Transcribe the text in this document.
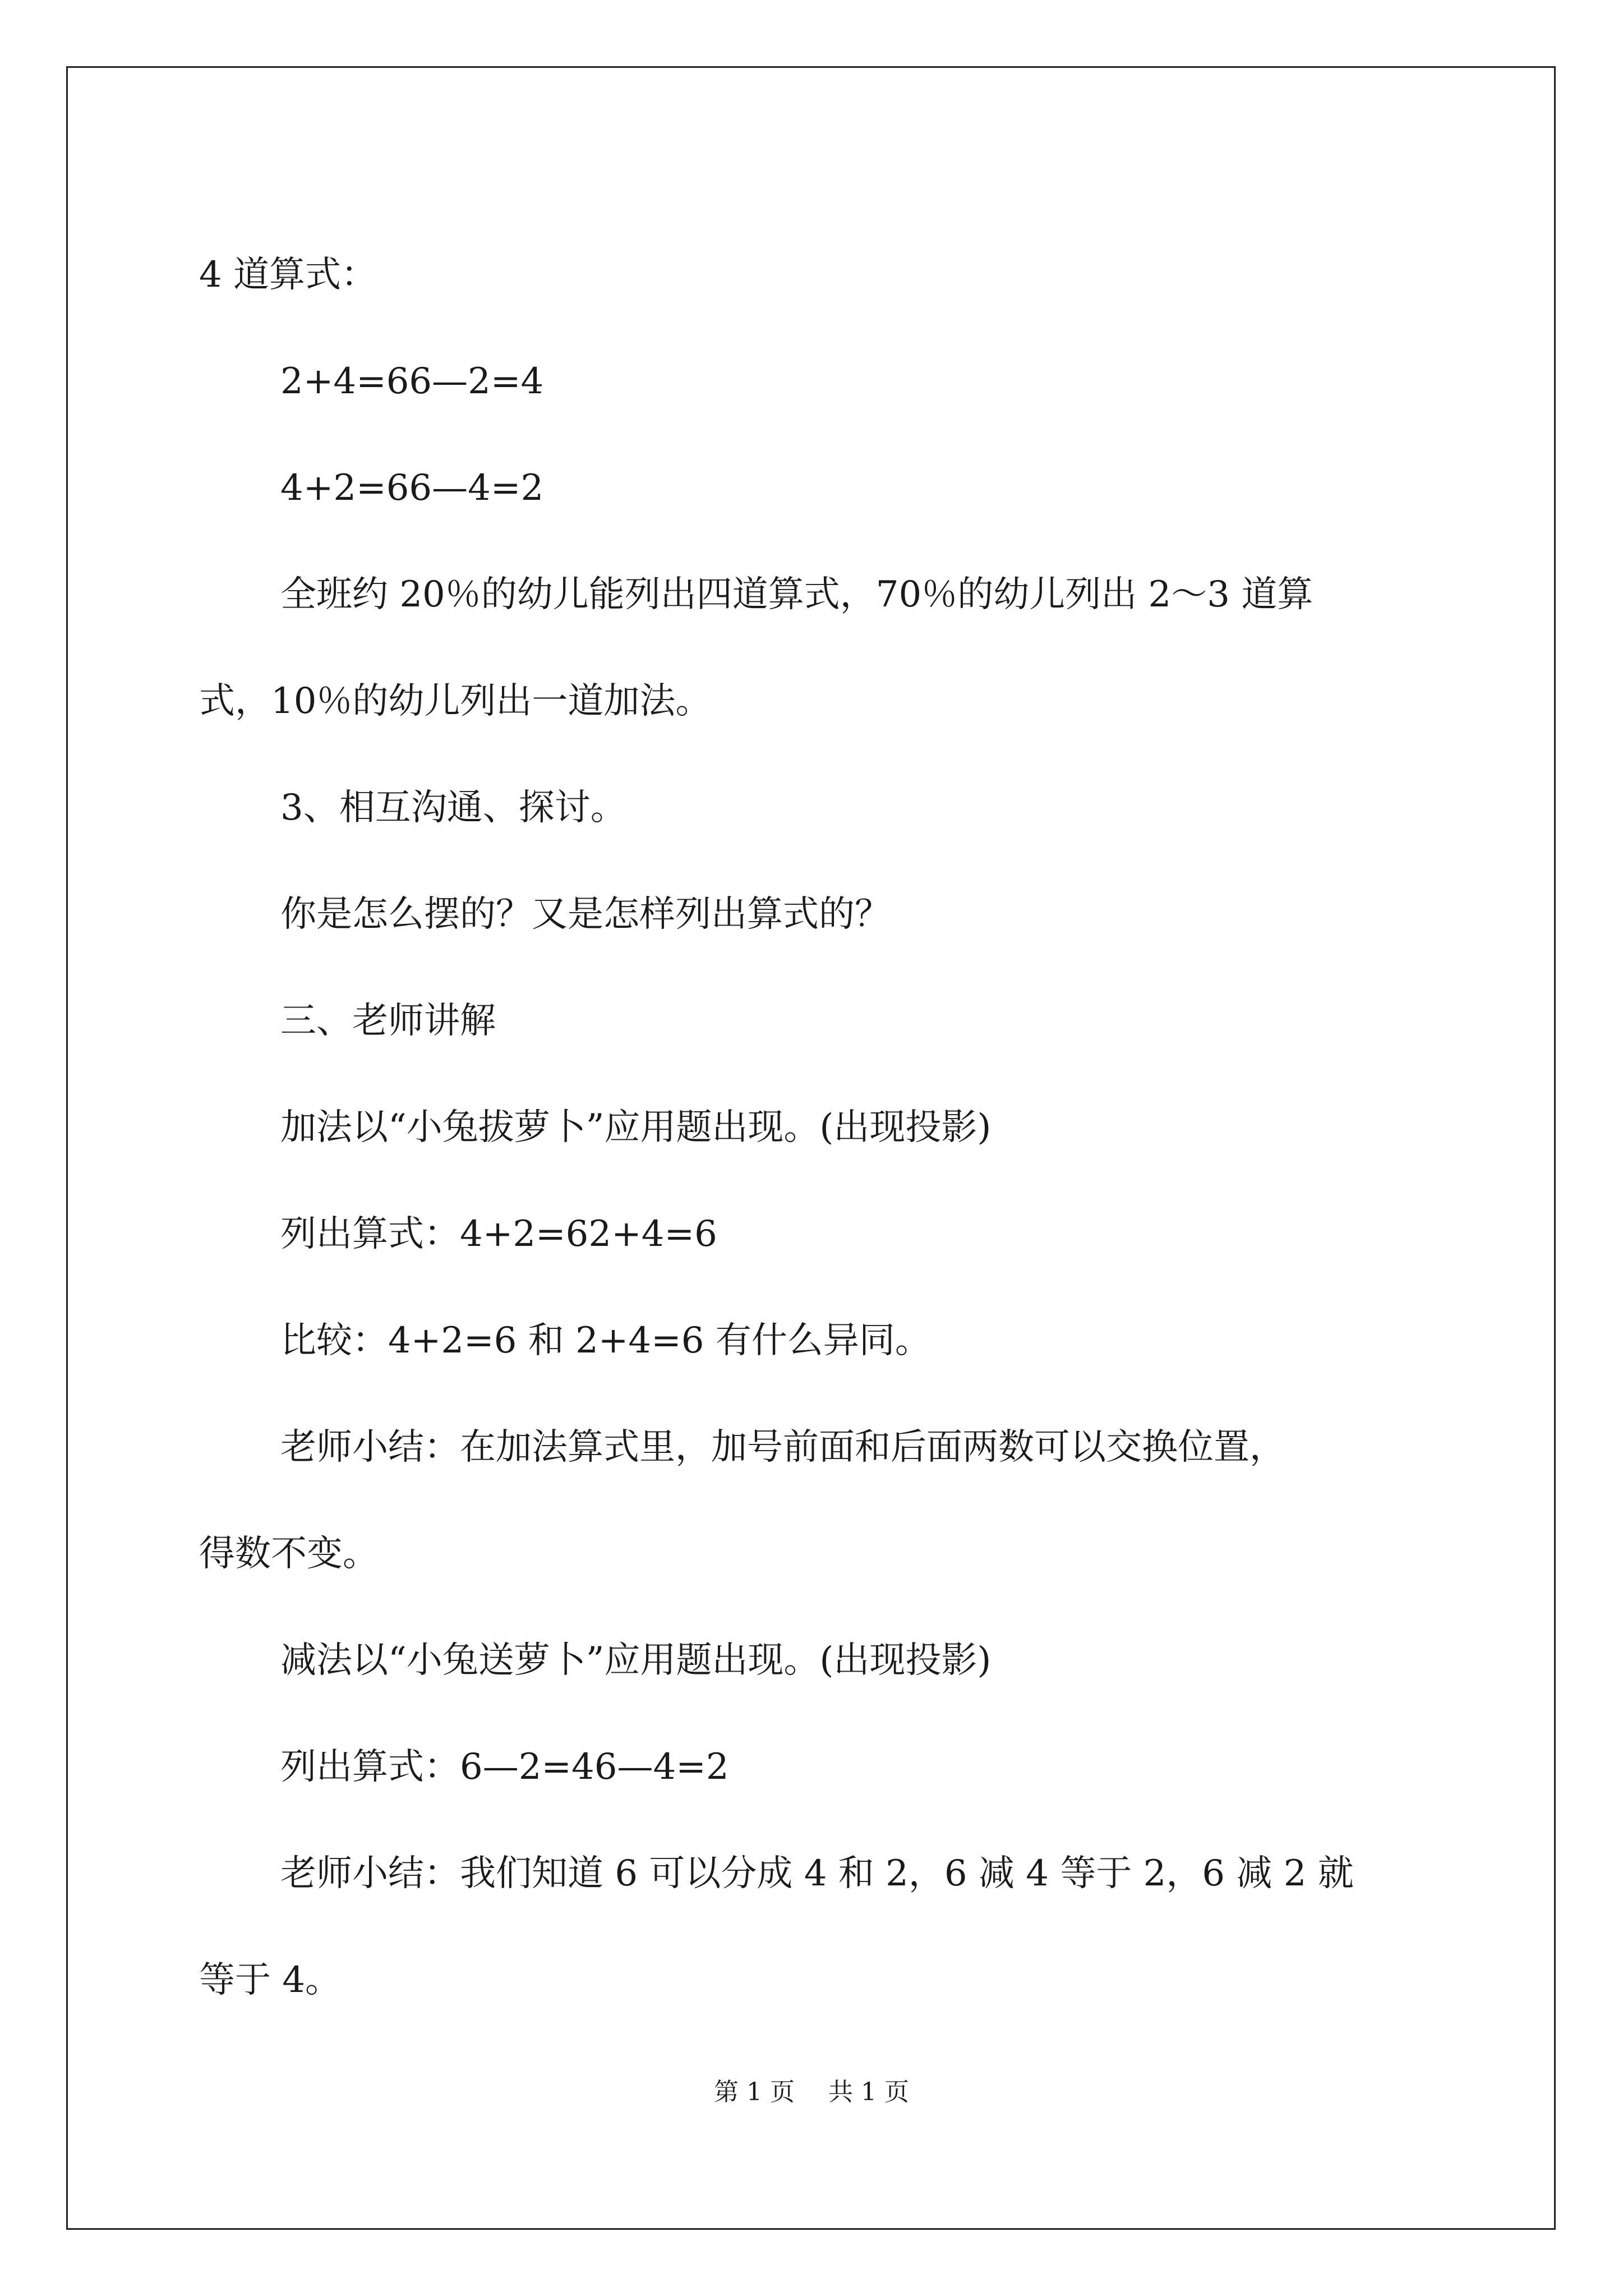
4 道算式：

2+4=66—2=4

4+2=66—4=2

全班约 20％的幼儿能列出四道算式，70％的幼儿列出 2～3 道算

式，10％的幼儿列出一道加法。

3、相互沟通、探讨。

你是怎么摆的？又是怎样列出算式的？

三、老师讲解

加法以“小兔拔萝卜”应用题出现。(出现投影)

列出算式：4+2=62+4=6

比较：4+2=6 和 2+4=6 有什么异同。

老师小结：在加法算式里，加号前面和后面两数可以交换位置，

得数不变。

减法以“小兔送萝卜”应用题出现。(出现投影)

列出算式：6—2=46—4=2

老师小结：我们知道 6 可以分成 4 和 2，6 减 4 等于 2，6 减 2 就

等于 4。

第 1 页 共 1 页
